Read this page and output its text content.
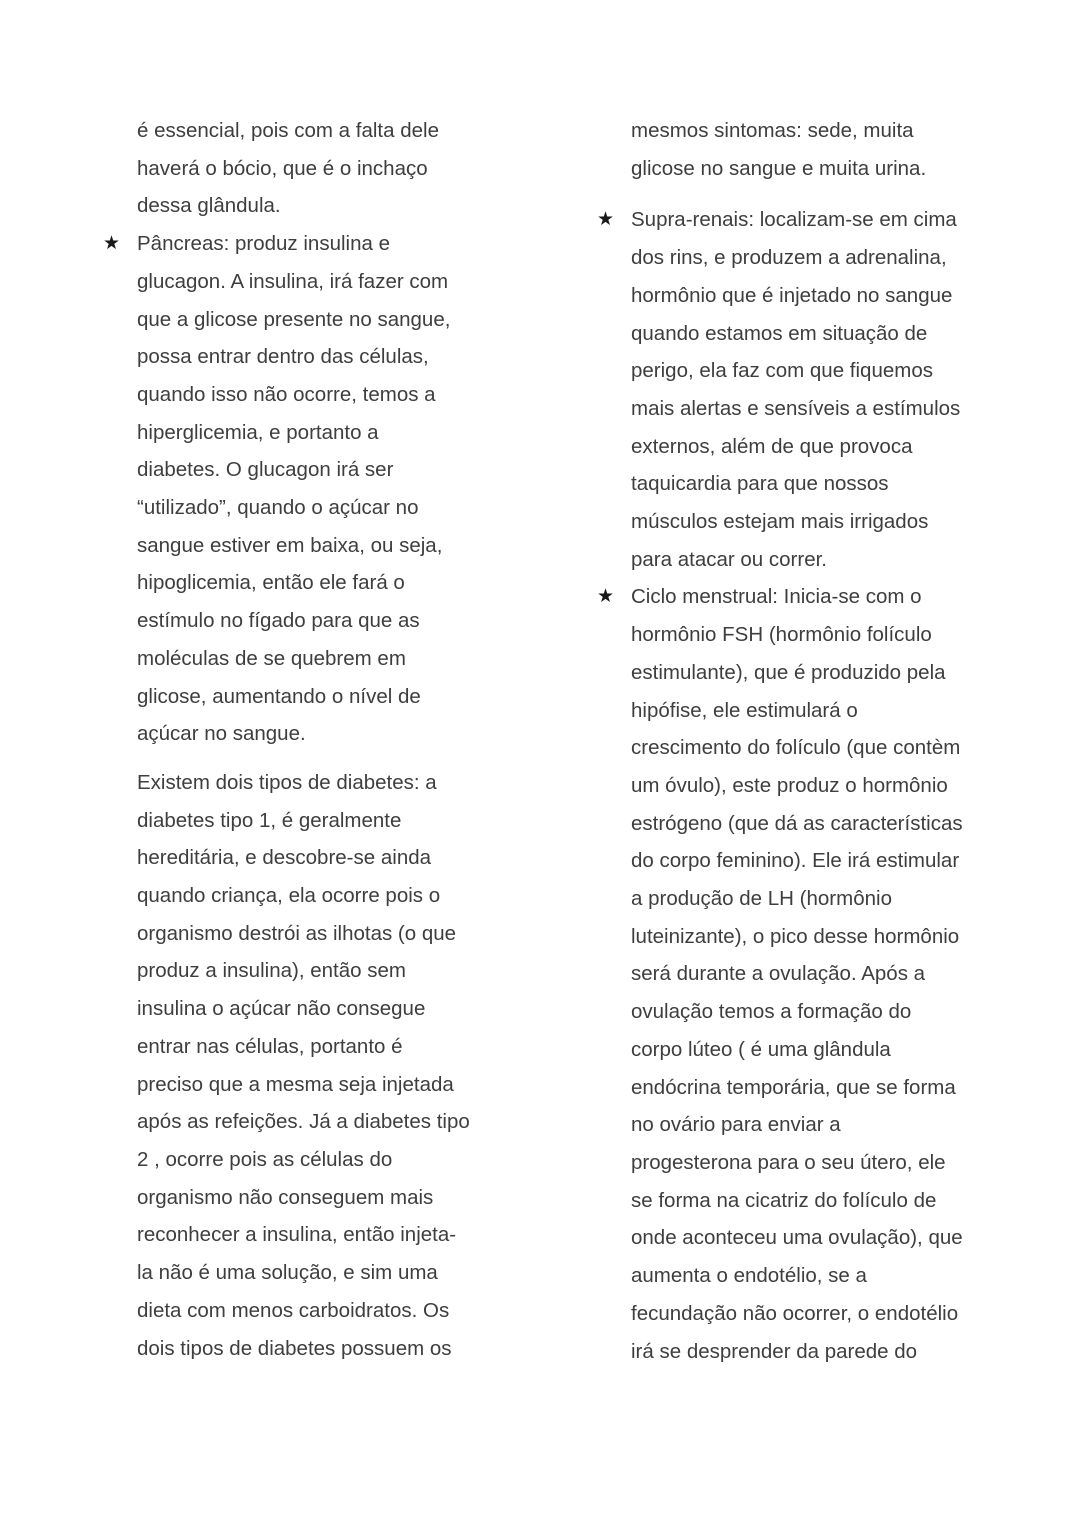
é essencial, pois com a falta dele
haverá o bócio, que é o inchaço
dessa glândula.
★ Pâncreas: produz insulina e
glucagon. A insulina, irá fazer com
que a glicose presente no sangue,
possa entrar dentro das células,
quando isso não ocorre, temos a
hiperglicemia, e portanto a
diabetes. O glucagon irá ser
“utilizado”, quando o açúcar no
sangue estiver em baixa, ou seja,
hipoglicemia, então ele fará o
estímulo no fígado para que as
moléculas de se quebrem em
glicose, aumentando o nível de
açúcar no sangue.
Existem dois tipos de diabetes: a
diabetes tipo 1, é geralmente
hereditária, e descobre-se ainda
quando criança, ela ocorre pois o
organismo destrói as ilhotas (o que
produz a insulina), então sem
insulina o açúcar não consegue
entrar nas células, portanto é
preciso que a mesma seja injetada
após as refeições. Já a diabetes tipo
2 , ocorre pois as células do
organismo não conseguem mais
reconhecer a insulina, então injeta-
la não é uma solução, e sim uma
dieta com menos carboidratos. Os
dois tipos de diabetes possuem os
mesmos sintomas: sede, muita
glicose no sangue e muita urina.
★ Supra-renais: localizam-se em cima
dos rins, e produzem a adrenalina,
hormônio que é injetado no sangue
quando estamos em situação de
perigo, ela faz com que fiquemos
mais alertas e sensíveis a estímulos
externos, além de que provoca
taquicardia para que nossos
músculos estejam mais irrigados
para atacar ou correr.
★ Ciclo menstrual: Inicia-se com o
hormônio FSH (hormônio folículo
estimulante), que é produzido pela
hipófise, ele estimulará o
crescimento do folículo (que contèm
um óvulo), este produz o hormônio
estrógeno (que dá as características
do corpo feminino). Ele irá estimular
a produção de LH (hormônio
luteinizante), o pico desse hormônio
será durante a ovulação. Após a
ovulação temos a formação do
corpo lúteo ( é uma glândula
endócrina temporária, que se forma
no ovário para enviar a
progesterona para o seu útero, ele
se forma na cicatriz do folículo de
onde aconteceu uma ovulação), que
aumenta o endotélio, se a
fecundação não ocorrer, o endotélio
irá se desprender da parede do
